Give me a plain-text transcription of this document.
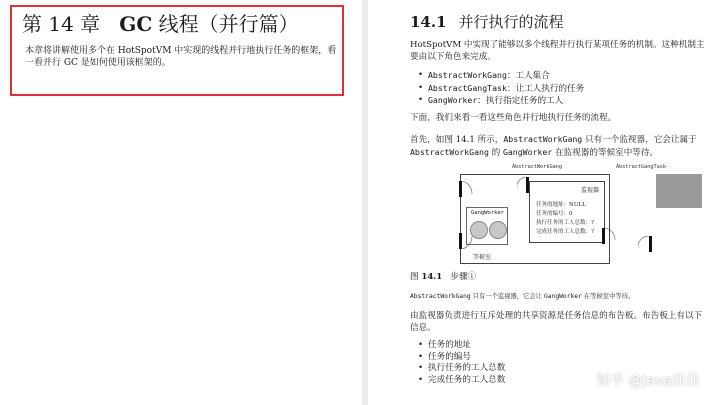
第 14 章 GC 线程（并行篇）
本章将讲解使用多个在 HotSpotVM 中实现的线程并行地执行任务的框架，看一看并行 GC 是如何使用该框架的。
14.1 并行执行的流程
HotSpotVM 中实现了能够以多个线程并行执行某项任务的机制。这种机制主要由以下角色来完成。
• AbstractWorkGang：工人集合
• AbstractGangTask：让工人执行的任务
• GangWorker：执行指定任务的工人
下面，我们来看一看这些角色并行地执行任务的流程。
首先，如图 14.1 所示，AbstractWorkGang 只有一个监视器，它会让属于 AbstractWorkGang 的 GangWorker 在监视器的等候室中等待。
AbstractWorkGang	AbstractGangTask
监视器
任务的地址：NULL
任务的编号：0
执行任务的工人总数：?
完成任务的工人总数：?
GangWorker
等候室
图 14.1 步骤①
AbstractWorkGang 只有一个监视器，它会让 GangWorker 在等候室中等待。
由监视器负责进行互斥处理的共享资源是任务信息的布告板。布告板上有以下信息。
• 任务的地址
• 任务的编号
• 执行任务的工人总数
• 完成任务的工人总数	知乎 @Java佳佳
